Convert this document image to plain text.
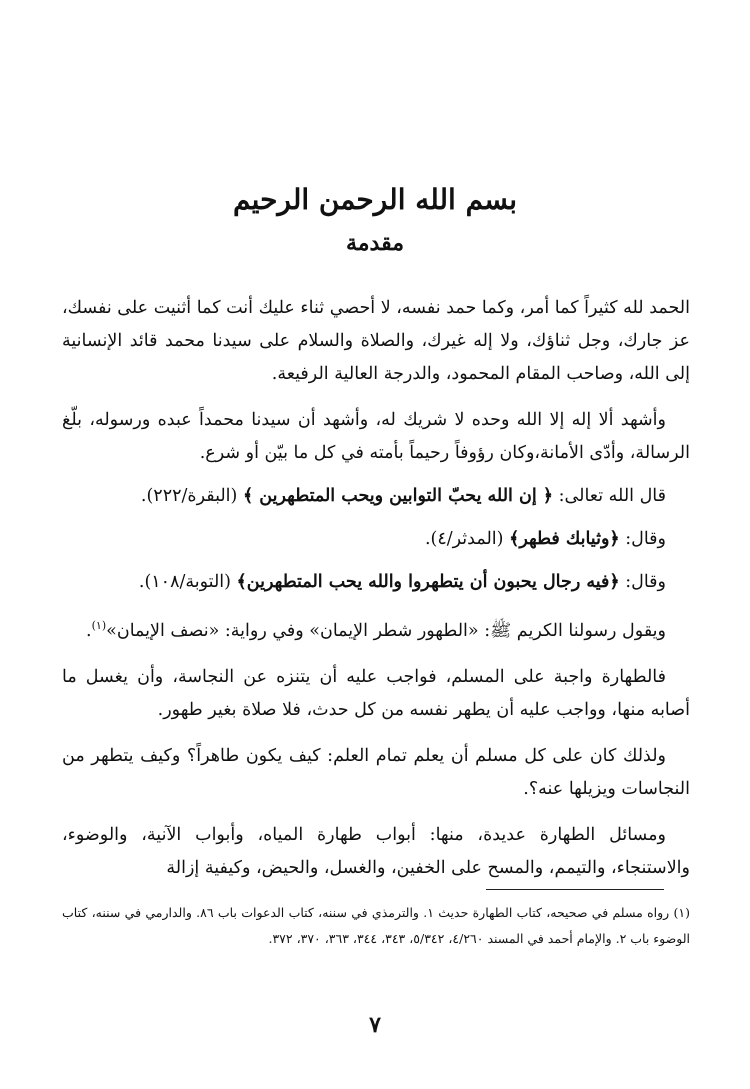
بسم الله الرحمن الرحيم
مقدمة

الحمد لله كثيراً كما أمر، وكما حمد نفسه، لا أحصي ثناء عليك أنت كما أثنيت على نفسك، عز جارك، وجل ثناؤك، ولا إله غيرك، والصلاة والسلام على سيدنا محمد قائد الإنسانية إلى الله، وصاحب المقام المحمود، والدرجة العالية الرفيعة.

وأشهد ألا إله إلا الله وحده لا شريك له، وأشهد أن سيدنا محمداً عبده ورسوله، بلّغ الرسالة، وأدّى الأمانة،وكان رؤوفاً رحيماً بأمته في كل ما بيّن أو شرع.

قال الله تعالى: ﴿ إن الله يحبّ التوابين ويحب المتطهرين ﴾ (البقرة/٢٢٢).

وقال: ﴿وثيابك فطهر﴾ (المدثر/٤).

وقال: ﴿فيه رجال يحبون أن يتطهروا والله يحب المتطهرين﴾ (التوبة/١٠٨).

ويقول رسولنا الكريم ﷺ: «الطهور شطر الإيمان» وفي رواية: «نصف الإيمان»$^{(١)}$.

فالطهارة واجبة على المسلم، فواجب عليه أن يتنزه عن النجاسة، وأن يغسل ما أصابه منها، وواجب عليه أن يطهر نفسه من كل حدث، فلا صلاة بغير طهور.

ولذلك كان على كل مسلم أن يعلم تمام العلم: كيف يكون طاهراً؟ وكيف يتطهر من النجاسات ويزيلها عنه؟.

ومسائل الطهارة عديدة، منها: أبواب طهارة المياه، وأبواب الآنية، والوضوء، والاستنجاء، والتيمم، والمسح على الخفين، والغسل، والحيض، وكيفية إزالة

(١) رواه مسلم في صحيحه، كتاب الطهارة حديث ١. والترمذي في سننه، كتاب الدعوات باب ٨٦. والدارمي في سننه، كتاب الوضوء باب ٢. والإمام أحمد في المسند ٤/٢٦٠، ٥/٣٤٢، ٣٤٣، ٣٤٤، ٣٦٣، ٣٧٠، ٣٧٢.
٧
